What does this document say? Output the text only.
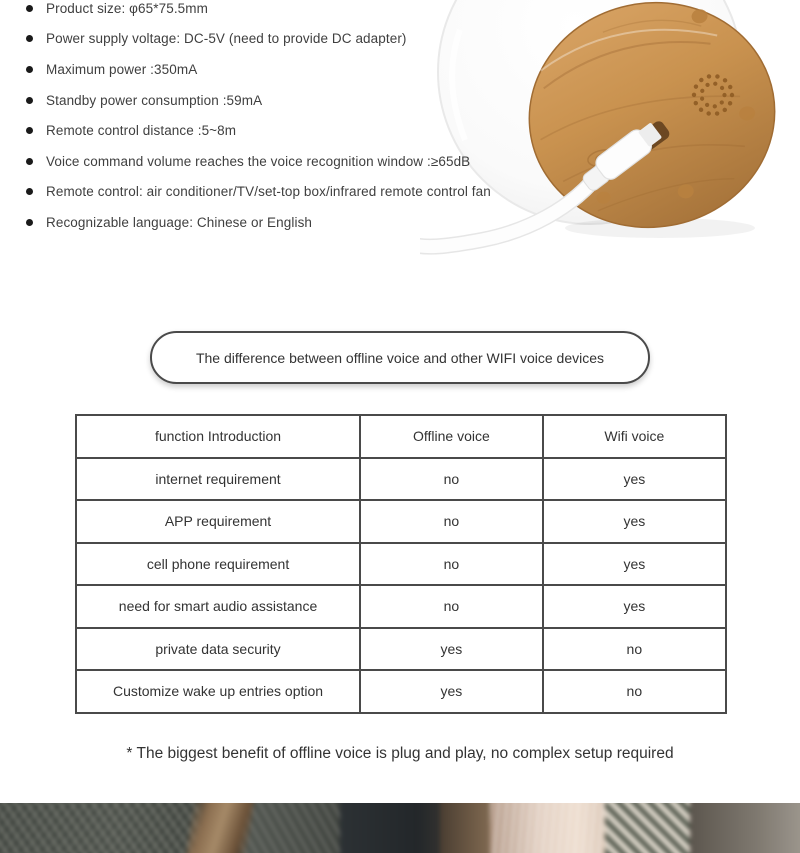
Product size: φ65*75.5mm
Power supply voltage: DC-5V (need to provide DC adapter)
Maximum power :350mA
Standby power consumption :59mA
Remote control distance :5~8m
Voice command volume reaches the voice recognition window :≥65dB
Remote control: air conditioner/TV/set-top box/infrared remote control fan
Recognizable language: Chinese or English
The difference between offline voice and other WIFI voice devices
function Introduction	Offline voice	Wifi voice
internet requirement	no	yes
APP requirement	no	yes
cell phone requirement	no	yes
need for smart audio assistance	no	yes
private data security	yes	no
Customize wake up entries option	yes	no
* The biggest benefit of offline voice is plug and play, no complex setup required
